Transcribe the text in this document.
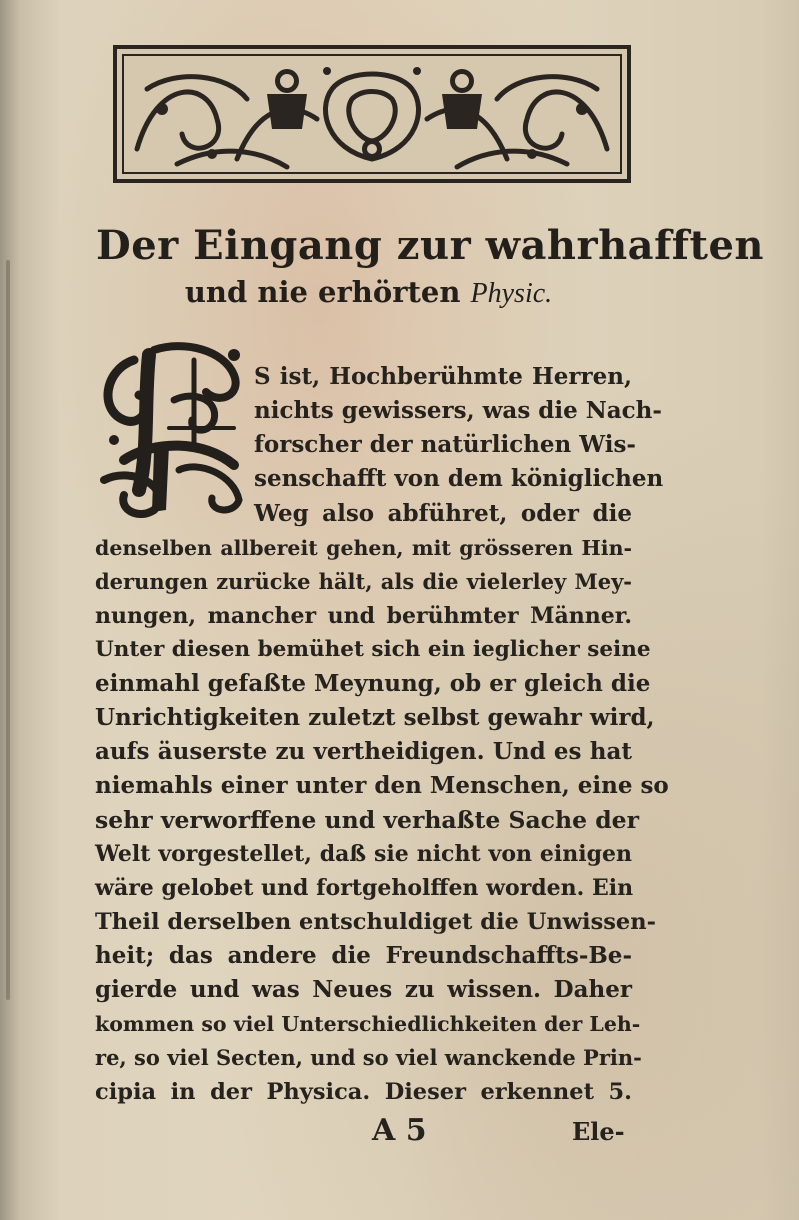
Der Eingang zur wahrhafften
und nie erhörten Physic.
S ist, Hochberühmte Herren,
nichts gewissers, was die Nach-
forscher der natürlichen Wis-
senschafft von dem königlichen
Weg also abführet, oder die
denselben allbereit gehen, mit grösseren Hin-
derungen zurücke hält, als die vielerley Mey-
nungen, mancher und berühmter Männer.
Unter diesen bemühet sich ein ieglicher seine
einmahl gefaßte Meynung, ob er gleich die
Unrichtigkeiten zuletzt selbst gewahr wird,
aufs äuserste zu vertheidigen. Und es hat
niemahls einer unter den Menschen, eine so
sehr verworffene und verhaßte Sache der
Welt vorgestellet, daß sie nicht von einigen
wäre gelobet und fortgeholffen worden. Ein
Theil derselben entschuldiget die Unwissen-
heit; das andere die Freundschaffts-Be-
gierde und was Neues zu wissen. Daher
kommen so viel Unterschiedlichkeiten der Leh-
re, so viel Secten, und so viel wanckende Prin-
cipia in der Physica. Dieser erkennet 5.
A 5	Ele-
